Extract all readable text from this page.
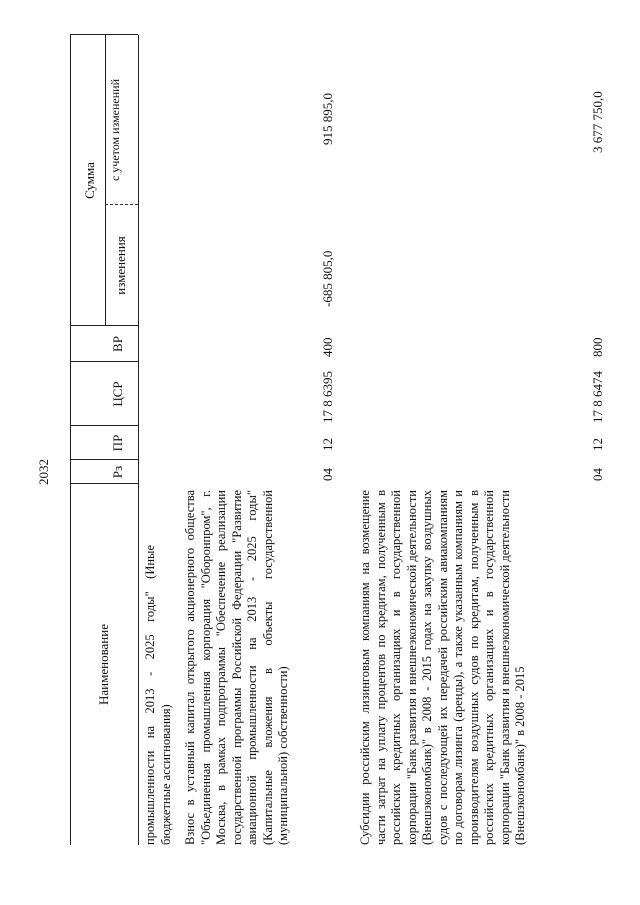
2032
Наименование
Рз
ПР
ЦСР
ВР
Сумма
изменения
с учетом изменений
промышленности на 2013 - 2025 годы" (Иные бюджетные ассигнования) Взнос в уставный капитал открытого акционерного общества "Объединенная промышленная корпорация "Оборонпром", г. Москва, в рамках подпрограммы "Обеспечение реализации государственной программы Российской Федерации "Развитие авиационной промышленности на 2013 - 2025 годы" (Капитальные вложения в объекты государственной (муниципальной) собственности)
04
12
17 8 6395
400
-685 805,0
915 895,0
Субсидии российским лизинговым компаниям на возмещение части затрат на уплату процентов по кредитам, полученным в российских кредитных организациях и в государственной корпорации "Банк развития и внешнеэкономической деятельности (Внешэкономбанк)" в 2008 - 2015 годах на закупку воздушных судов с последующей их передачей российским авиакомпаниям по договорам лизинга (аренды), а также указанным компаниям и производителям воздушных судов по кредитам, полученным в российских кредитных организациях и в государственной корпорации "Банк развития и внешнеэкономической деятельности (Внешэкономбанк)" в 2008 - 2015
04
12
17 8 6474
800
3 677 750,0
